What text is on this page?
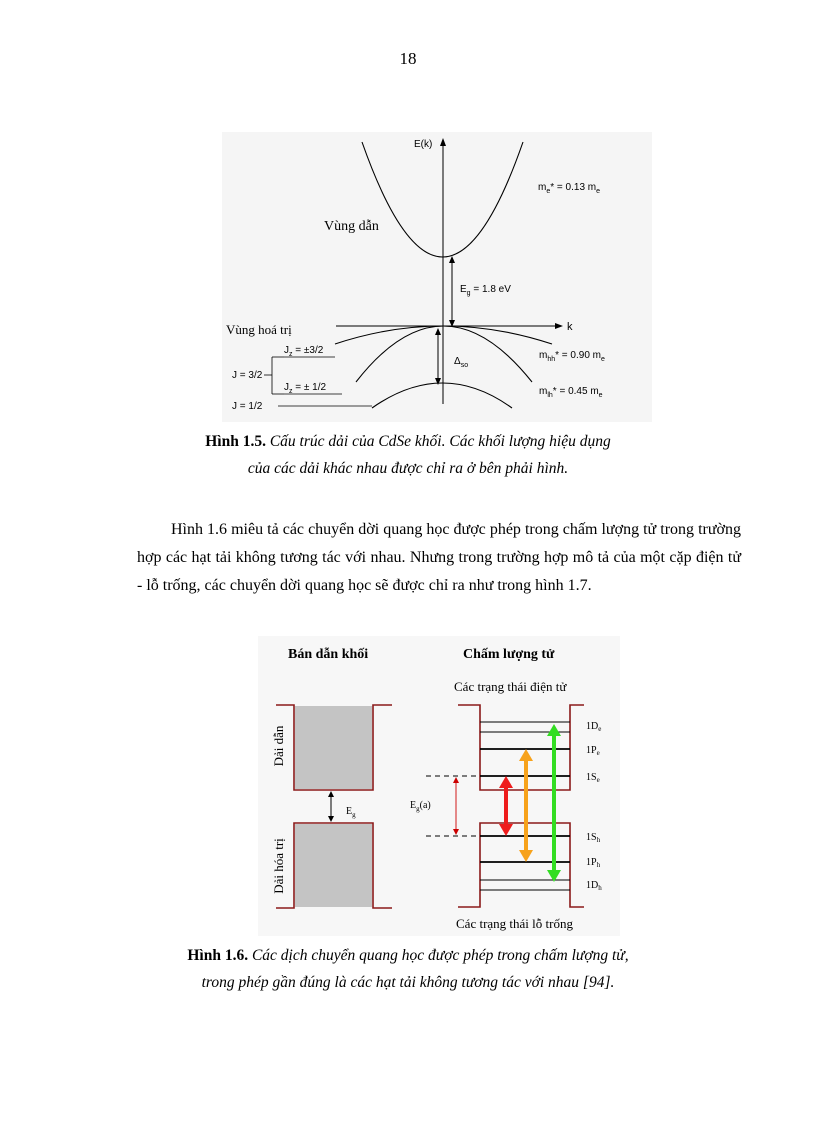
18
E(k)
k
$E_g = 1.8$ eV
$\Delta_{so}$
$m_e* = 0.13$ $m_e$
$m_{hh}* = 0.90$ $m_e$
$m_{lh}* = 0.45$ $m_e$
Vùng dẫn
Vùng hoá trị
$J_z = \pm 3/2$
J = 3/2
$J_z$ = ± 1/2
J = 1/2
Hình 1.5. Cấu trúc dải của CdSe khối. Các khối lượng hiệu dụng
của các dải khác nhau được chỉ ra ở bên phải hình.

Hình 1.6 miêu tả các chuyển dời quang học được phép trong chấm lượng tử trong trường hợp các hạt tải không tương tác với nhau. Nhưng trong trường hợp mô tả của một cặp điện tử - lỗ trống, các chuyển dời quang học sẽ được chỉ ra như trong hình 1.7.

Bán dẫn khối	Chấm lượng tử
$E_g$
Dải dẫn
Dải hóa trị
Các trạng thái điện tử
Các trạng thái lỗ trống
$E_g(a)$
$1D_e$
$1P_e$
$1S_e$
$1S_h$
$1P_h$
$1D_h$
Hình 1.6. Các dịch chuyển quang học được phép trong chấm lượng tử,
trong phép gần đúng là các hạt tải không tương tác với nhau [94].
